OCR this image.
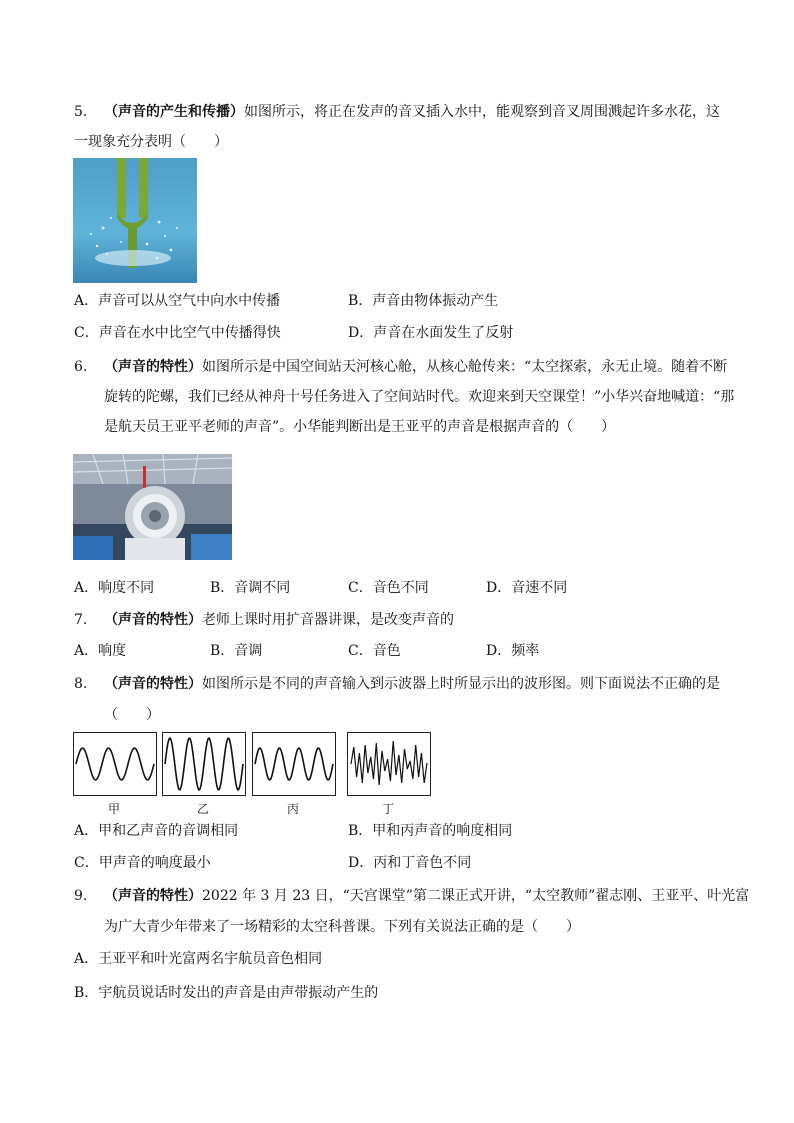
5. （声音的产生和传播）如图所示，将正在发声的音叉插入水中，能观察到音叉周围溅起许多水花，这
一现象充分表明（　　）
A．声音可以从空气中向水中传播	B．声音由物体振动产生
C．声音在水中比空气中传播得快	D．声音在水面发生了反射
6. （声音的特性）如图所示是中国空间站天河核心舱，从核心舱传来：“太空探索，永无止境。随着不断
旋转的陀螺，我们已经从神舟十号任务进入了空间站时代。欢迎来到天空课堂！”小华兴奋地喊道：“那
是航天员王亚平老师的声音”。小华能判断出是王亚平的声音是根据声音的（　　）
A．响度不同	B．音调不同	C．音色不同	D．音速不同
7. （声音的特性）老师上课时用扩音器讲课，是改变声音的
A．响度	B．音调	C．音色	D．频率
8. （声音的特性）如图所示是不同的声音输入到示波器上时所显示出的波形图。则下面说法不正确的是
（　　）
甲	乙	丙	丁
A．甲和乙声音的音调相同	B．甲和丙声音的响度相同
C．甲声音的响度最小	D．丙和丁音色不同
9. （声音的特性）2022 年 3 月 23 日，“天宫课堂”第二课正式开讲，“太空教师”翟志刚、王亚平、叶光富
为广大青少年带来了一场精彩的太空科普课。下列有关说法正确的是（　　）
A．王亚平和叶光富两名宇航员音色相同
B．宇航员说话时发出的声音是由声带振动产生的
